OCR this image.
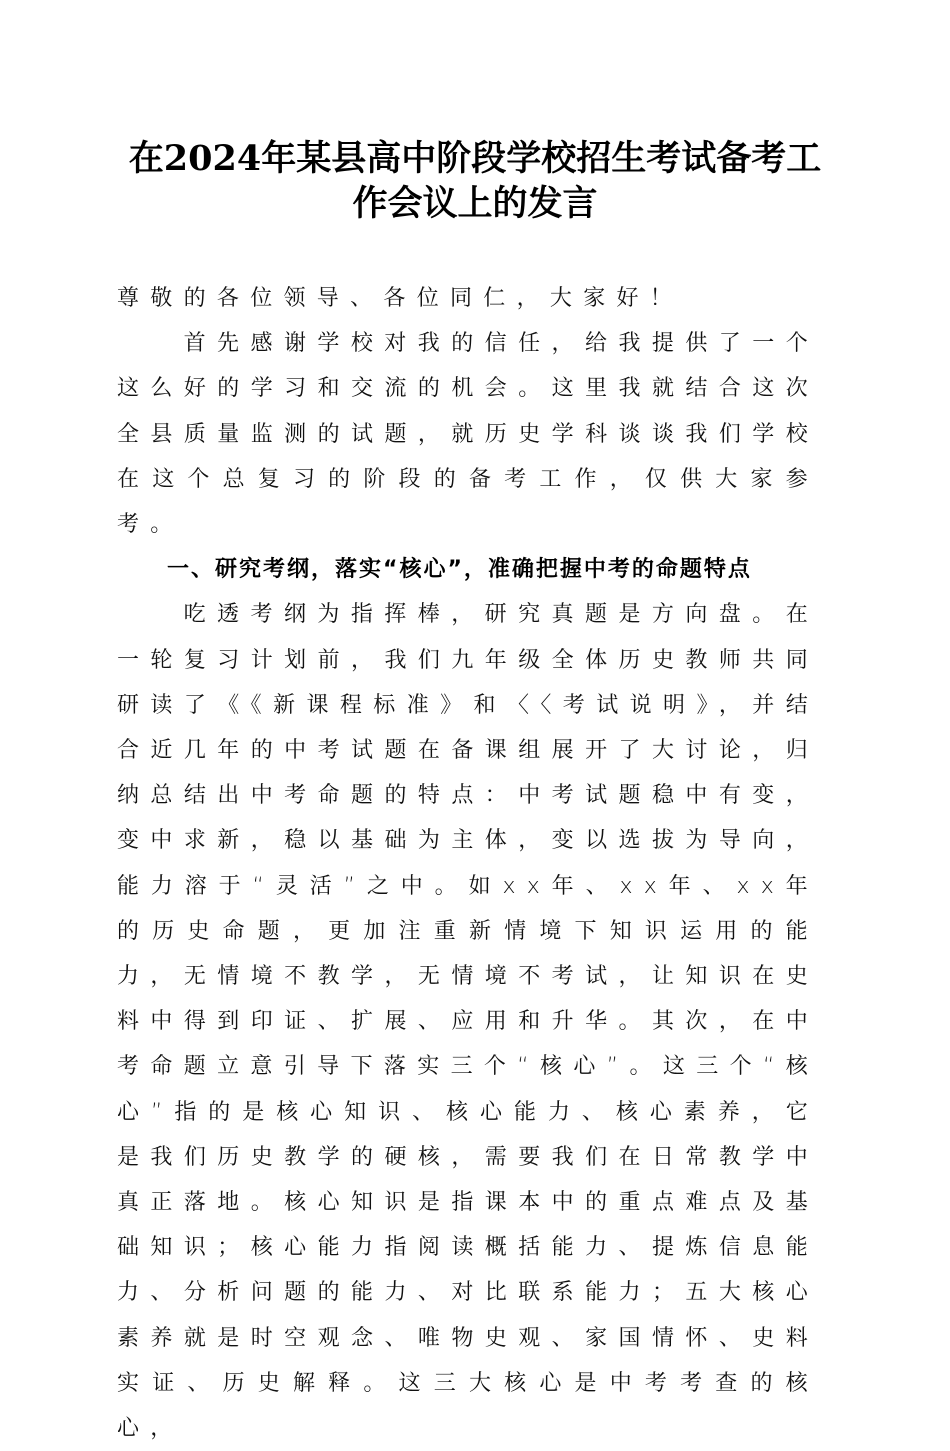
在2024年某县高中阶段学校招生考试备考工
作会议上的发言

尊敬的各位领导、各位同仁，大家好！

首先感谢学校对我的信任，给我提供了一个这么好的学习和交流的机会。这里我就结合这次全县质量监测的试题，就历史学科谈谈我们学校在这个总复习的阶段的备考工作，仅供大家参考。

一、研究考纲，落实“核心”，准确把握中考的命题特点

吃透考纲为指挥棒，研究真题是方向盘。在一轮复习计划前，我们九年级全体历史教师共同研读了《《新课程标准》和〈〈考试说明》，并结合近几年的中考试题在备课组展开了大讨论，归纳总结出中考命题的特点：中考试题稳中有变，变中求新，稳以基础为主体，变以选拔为导向，能力溶于“灵活”之中。如xx年、xx年、xx年的历史命题，更加注重新情境下知识运用的能力，无情境不教学，无情境不考试，让知识在史料中得到印证、扩展、应用和升华。其次，在中考命题立意引导下落实三个“核心”。这三个“核心”指的是核心知识、核心能力、核心素养，它是我们历史教学的硬核，需要我们在日常教学中真正落地。核心知识是指课本中的重点难点及基础知识；核心能力指阅读概括能力、提炼信息能力、分析问题的能力、对比联系能力；五大核心素养就是时空观念、唯物史观、家国情怀、史料实证、历史解释。这三大核心是中考考查的核心，
